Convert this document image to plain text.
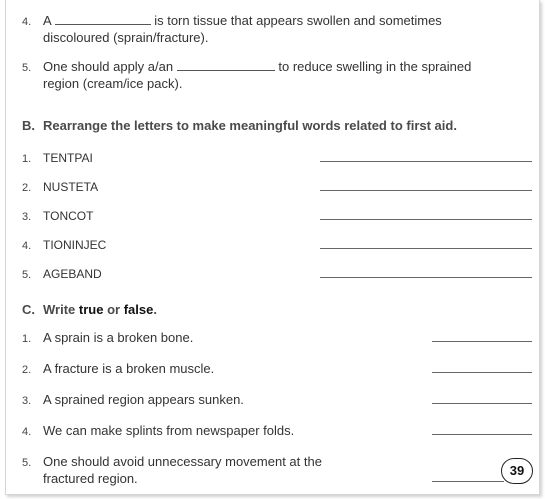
4. A	is torn tissue that appears swollen and sometimes
discoloured (sprain/fracture).
5. One should apply a/an	to reduce swelling in the sprained
region (cream/ice pack).
B. Rearrange the letters to make meaningful words related to first aid.
1. TENTPAI
2. NUSTETA
3. TONCOT
4. TIONINJEC
5. AGEBAND
C. Write true or false.
1. A sprain is a broken bone.
2. A fracture is a broken muscle.
3. A sprained region appears sunken.
4. We can make splints from newspaper folds.
5. One should avoid unnecessary movement at the
fractured region.
39
